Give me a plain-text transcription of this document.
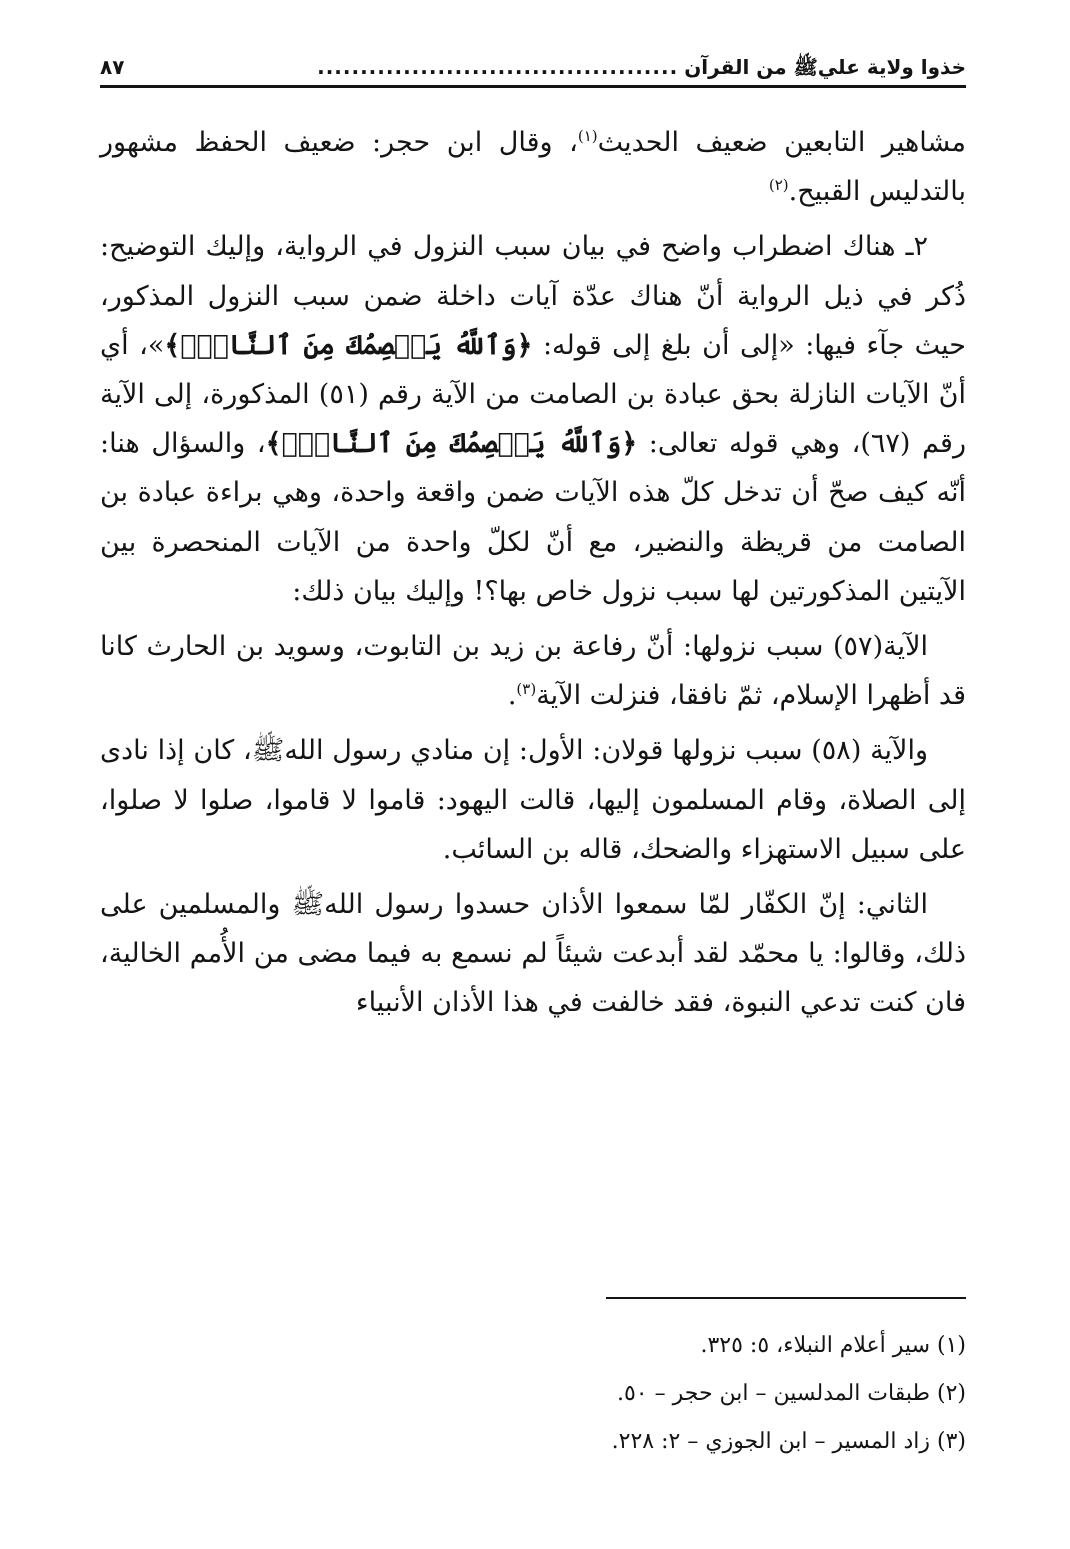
خذوا ولاية عليﷺ من القرآن
..........................................
٨٧

مشاهير التابعين ضعيف الحديث$^{(١)}$، وقال ابن حجر: ضعيف الحفظ مشهور بالتدليس القبيح.$^{(٢)}$

٢ـ هناك اضطراب واضح في بيان سبب النزول في الرواية، وإليك التوضيح: ذُكر في ذيل الرواية أنّ هناك عدّة آيات داخلة ضمن سبب النزول المذكور، حيث جآء فيها: «إلى أن بلغ إلى قوله: ﴿وَٱللَّهُ يَعۡصِمُكَ مِنَ ٱلنَّاسِۗ﴾»، أي أنّ الآيات النازلة بحق عبادة بن الصامت من الآية رقم (٥١) المذكورة، إلى الآية رقم (٦٧)، وهي قوله تعالى: ﴿وَٱللَّهُ يَعۡصِمُكَ مِنَ ٱلنَّاسِۗ﴾، والسؤال هنا: أنّه كيف صحّ أن تدخل كلّ هذه الآيات ضمن واقعة واحدة، وهي براءة عبادة بن الصامت من قريظة والنضير، مع أنّ لكلّ واحدة من الآيات المنحصرة بين الآيتين المذكورتين لها سبب نزول خاص بها؟! وإليك بيان ذلك:

الآية(٥٧) سبب نزولها: أنّ رفاعة بن زيد بن التابوت، وسويد بن الحارث كانا قد أظهرا الإسلام، ثمّ نافقا، فنزلت الآية$^{(٣)}$.

والآية (٥٨) سبب نزولها قولان: الأول: إن منادي رسول اللهﷺ، كان إذا نادى إلى الصلاة، وقام المسلمون إليها، قالت اليهود: قاموا لا قاموا، صلوا لا صلوا، على سبيل الاستهزاء والضحك، قاله بن السائب.

الثاني: إنّ الكفّار لمّا سمعوا الأذان حسدوا رسول اللهﷺ والمسلمين على ذلك، وقالوا: يا محمّد لقد أبدعت شيئاً لم نسمع به فيما مضى من الأُمم الخالية، فان كنت تدعي النبوة، فقد خالفت في هذا الأذان الأنبياء

(١) سير أعلام النبلاء، ٥: ٣٢٥.
(٢) طبقات المدلسين – ابن حجر – ٥٠.
(٣) زاد المسير – ابن الجوزي – ٢: ٢٢٨.
